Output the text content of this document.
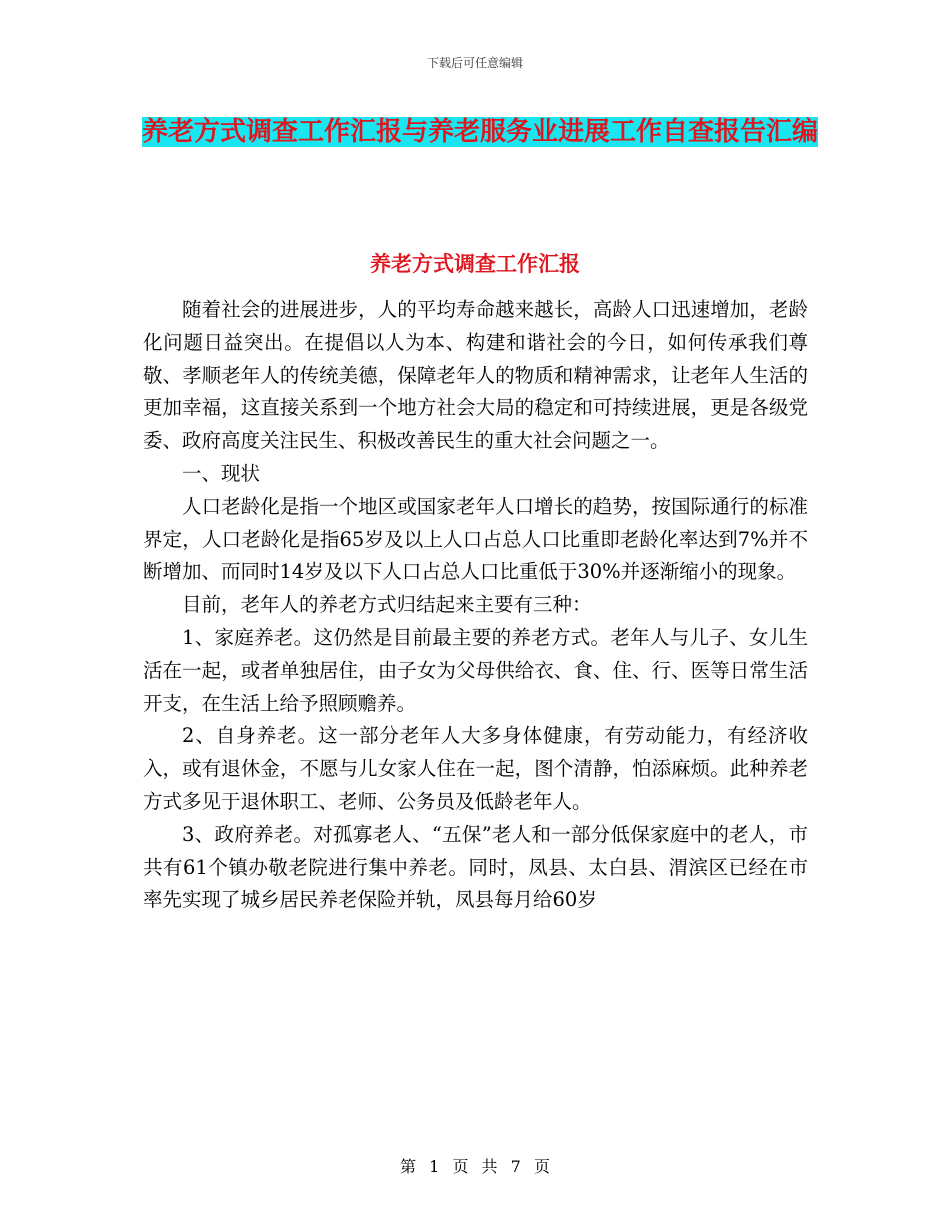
下载后可任意编辑
养老方式调查工作汇报与养老服务业进展工作自查报告汇编
养老方式调查工作汇报

随着社会的进展进步，人的平均寿命越来越长，高龄人口迅速增加，老龄化问题日益突出。在提倡以人为本、构建和谐社会的今日，如何传承我们尊敬、孝顺老年人的传统美德，保障老年人的物质和精神需求，让老年人生活的更加幸福，这直接关系到一个地方社会大局的稳定和可持续进展，更是各级党委、政府高度关注民生、积极改善民生的重大社会问题之一。

一、现状

人口老龄化是指一个地区或国家老年人口增长的趋势，按国际通行的标准界定，人口老龄化是指65岁及以上人口占总人口比重即老龄化率达到7%并不断增加、而同时14岁及以下人口占总人口比重低于30%并逐渐缩小的现象。

目前，老年人的养老方式归结起来主要有三种：

1、家庭养老。这仍然是目前最主要的养老方式。老年人与儿子、女儿生活在一起，或者单独居住，由子女为父母供给衣、食、住、行、医等日常生活开支，在生活上给予照顾赡养。

2、自身养老。这一部分老年人大多身体健康，有劳动能力，有经济收入，或有退休金，不愿与儿女家人住在一起，图个清静，怕添麻烦。此种养老方式多见于退休职工、老师、公务员及低龄老年人。

3、政府养老。对孤寡老人、“五保”老人和一部分低保家庭中的老人，市共有61个镇办敬老院进行集中养老。同时，凤县、太白县、渭滨区已经在市率先实现了城乡居民养老保险并轨，凤县每月给60岁

第 1 页 共 7 页
